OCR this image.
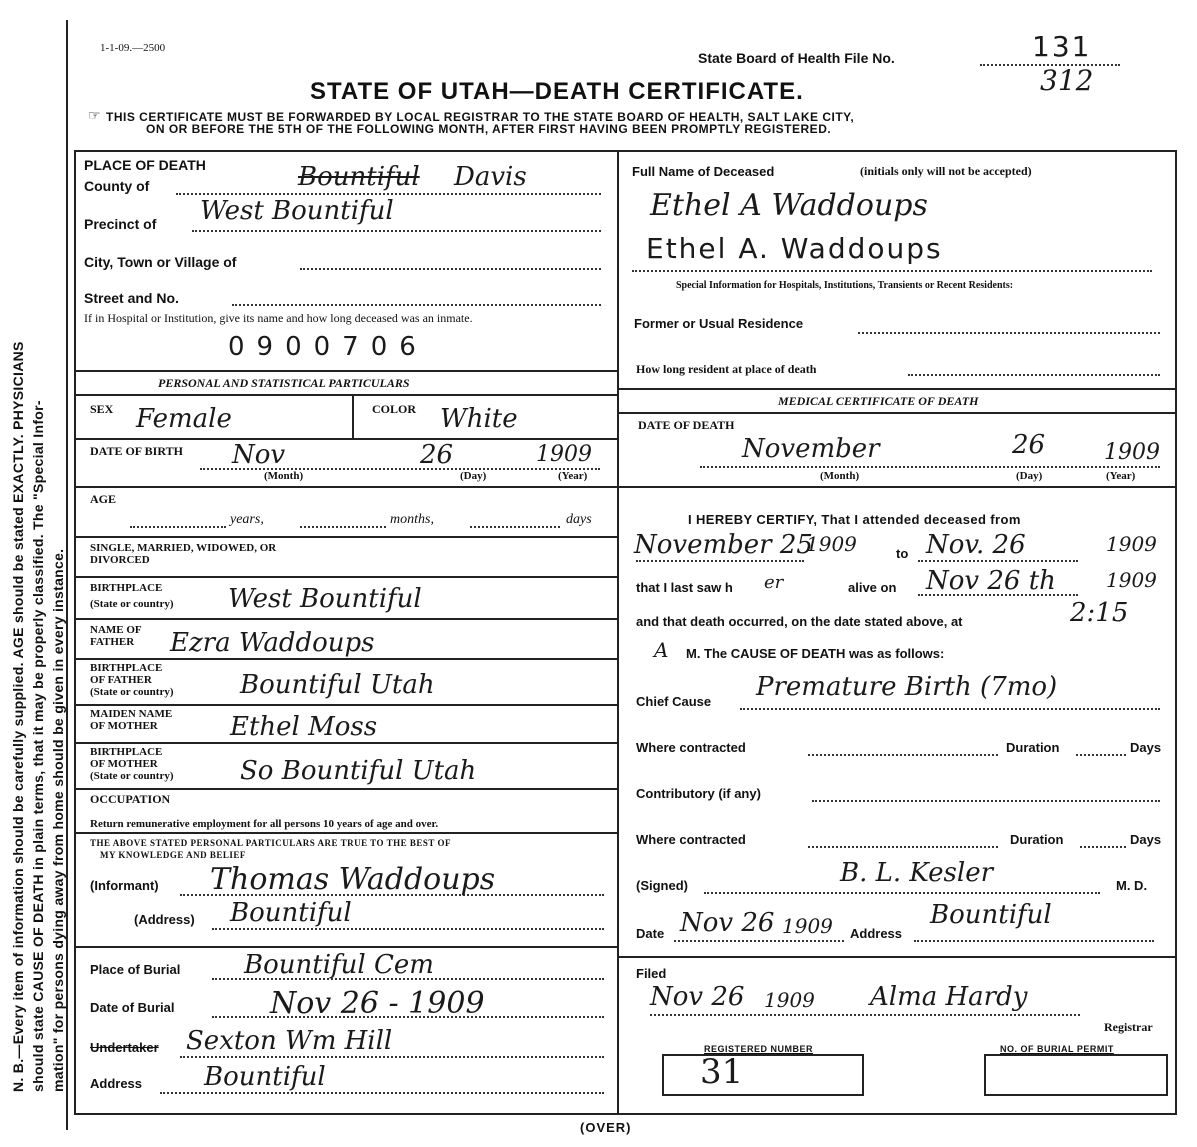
N. B.—Every item of information should be carefully supplied. AGE should be stated EXACTLY. PHYSICIANS should state CAUSE OF DEATH in plain terms, that it may be properly classified. The "Special Infor- mation" for persons dying away from home should be given in every instance.
1-1-09.—2500
State Board of Health File No.	131
312
STATE OF UTAH—DEATH CERTIFICATE.
☞ THIS CERTIFICATE MUST BE FORWARDED BY LOCAL REGISTRAR TO THE STATE BOARD OF HEALTH, SALT LAKE CITY,
ON OR BEFORE THE 5TH OF THE FOLLOWING MONTH, AFTER FIRST HAVING BEEN PROMPTLY REGISTERED.
PLACE OF DEATH
County of	Bountiful Davis
Precinct of West Bountiful
City, Town or Village of
Street and No.
If in Hospital or Institution, give its name and how long deceased was an inmate.
0900706
PERSONAL AND STATISTICAL PARTICULARS
SEX Female	COLOR White
DATE OF BIRTH Nov	26	1909
(Month)	(Day)	(Year)
AGE
years,	months,	days
SINGLE, MARRIED, WIDOWED, OR DIVORCED
BIRTHPLACE
(State or country) West Bountiful
NAME OF
FATHER Ezra Waddoups
BIRTHPLACE
OF FATHER
(State or country)	Bountiful Utah
MAIDEN NAME
OF MOTHER	Ethel Moss
BIRTHPLACE
OF MOTHER
(State or country)	So Bountiful Utah
OCCUPATION
Return remunerative employment for all persons 10 years of age and over.
THE ABOVE STATED PERSONAL PARTICULARS ARE TRUE TO THE BEST OF
MY KNOWLEDGE AND BELIEF
(Informant) Thomas Waddoups
(Address) Bountiful
Place of Burial Bountiful Cem
Date of Burial	Nov 26 - 1909
Undertaker Sexton Wm Hill
Address Bountiful
Full Name of Deceased	(initials only will not be accepted)
Ethel A Waddoups
Ethel A. Waddoups
Special Information for Hospitals, Institutions, Transients or Recent Residents:
Former or Usual Residence
How long resident at place of death
MEDICAL CERTIFICATE OF DEATH
DATE OF DEATH
November	26	1909
(Month)	(Day)	(Year)
I HEREBY CERTIFY, That I attended deceased from
November 25
1909	to Nov. 26	1909
that I last saw h er	alive on Nov 26 th	1909
and that death occurred, on the date stated above, at	2:15
A M. The CAUSE OF DEATH was as follows:
Chief Cause Premature Birth (7mo)
Where contracted	Duration	Days
Contributory (if any)
Where contracted	Duration	Days
(Signed)	B. L. Kesler	M. D.
Date Nov 26 1909 Address
Bountiful
Filed
Nov 26 1909 Alma Hardy
Registrar
REGISTERED NUMBER
31
NO. OF BURIAL PERMIT
(OVER)
